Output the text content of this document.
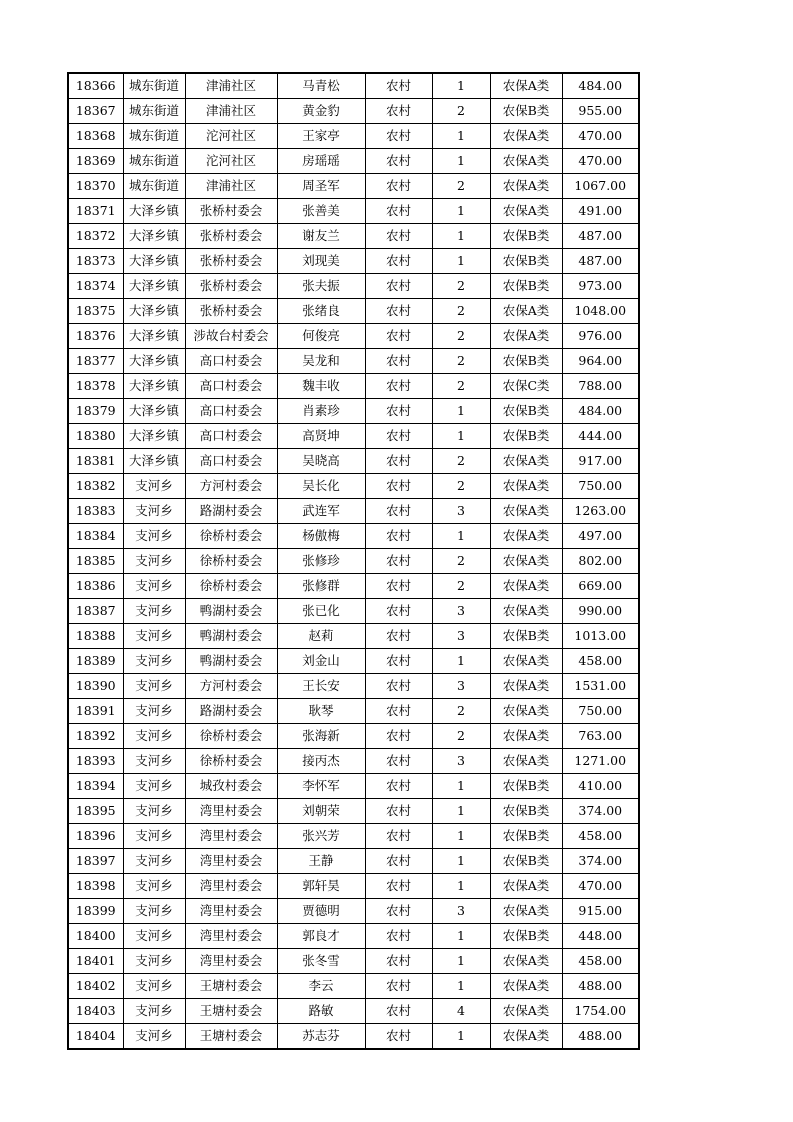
18366	城东街道	津浦社区	马青松	农村	1	农保A类	484.00
18367	城东街道	津浦社区	黄金豹	农村	2	农保B类	955.00
18368	城东街道	沱河社区	王家亭	农村	1	农保A类	470.00
18369	城东街道	沱河社区	房瑶瑶	农村	1	农保A类	470.00
18370	城东街道	津浦社区	周圣军	农村	2	农保A类	1067.00
18371	大泽乡镇	张桥村委会	张善美	农村	1	农保A类	491.00
18372	大泽乡镇	张桥村委会	谢友兰	农村	1	农保B类	487.00
18373	大泽乡镇	张桥村委会	刘现美	农村	1	农保B类	487.00
18374	大泽乡镇	张桥村委会	张夫振	农村	2	农保B类	973.00
18375	大泽乡镇	张桥村委会	张绪良	农村	2	农保A类	1048.00
18376	大泽乡镇	涉故台村委会	何俊亮	农村	2	农保A类	976.00
18377	大泽乡镇	高口村委会	吴龙和	农村	2	农保B类	964.00
18378	大泽乡镇	高口村委会	魏丰收	农村	2	农保C类	788.00
18379	大泽乡镇	高口村委会	肖素珍	农村	1	农保B类	484.00
18380	大泽乡镇	高口村委会	高贤坤	农村	1	农保B类	444.00
18381	大泽乡镇	高口村委会	吴晓高	农村	2	农保A类	917.00
18382	支河乡	方河村委会	吴长化	农村	2	农保A类	750.00
18383	支河乡	路湖村委会	武连军	农村	3	农保A类	1263.00
18384	支河乡	徐桥村委会	杨傲梅	农村	1	农保A类	497.00
18385	支河乡	徐桥村委会	张修珍	农村	2	农保A类	802.00
18386	支河乡	徐桥村委会	张修群	农村	2	农保A类	669.00
18387	支河乡	鸭湖村委会	张已化	农村	3	农保A类	990.00
18388	支河乡	鸭湖村委会	赵莉	农村	3	农保B类	1013.00
18389	支河乡	鸭湖村委会	刘金山	农村	1	农保A类	458.00
18390	支河乡	方河村委会	王长安	农村	3	农保A类	1531.00
18391	支河乡	路湖村委会	耿琴	农村	2	农保A类	750.00
18392	支河乡	徐桥村委会	张海新	农村	2	农保A类	763.00
18393	支河乡	徐桥村委会	接丙杰	农村	3	农保A类	1271.00
18394	支河乡	城孜村委会	李怀军	农村	1	农保B类	410.00
18395	支河乡	湾里村委会	刘朝荣	农村	1	农保B类	374.00
18396	支河乡	湾里村委会	张兴芳	农村	1	农保B类	458.00
18397	支河乡	湾里村委会	王静	农村	1	农保B类	374.00
18398	支河乡	湾里村委会	郭轩昊	农村	1	农保A类	470.00
18399	支河乡	湾里村委会	贾德明	农村	3	农保A类	915.00
18400	支河乡	湾里村委会	郭良才	农村	1	农保B类	448.00
18401	支河乡	湾里村委会	张冬雪	农村	1	农保A类	458.00
18402	支河乡	王塘村委会	李云	农村	1	农保A类	488.00
18403	支河乡	王塘村委会	路敏	农村	4	农保A类	1754.00
18404	支河乡	王塘村委会	苏志芬	农村	1	农保A类	488.00
